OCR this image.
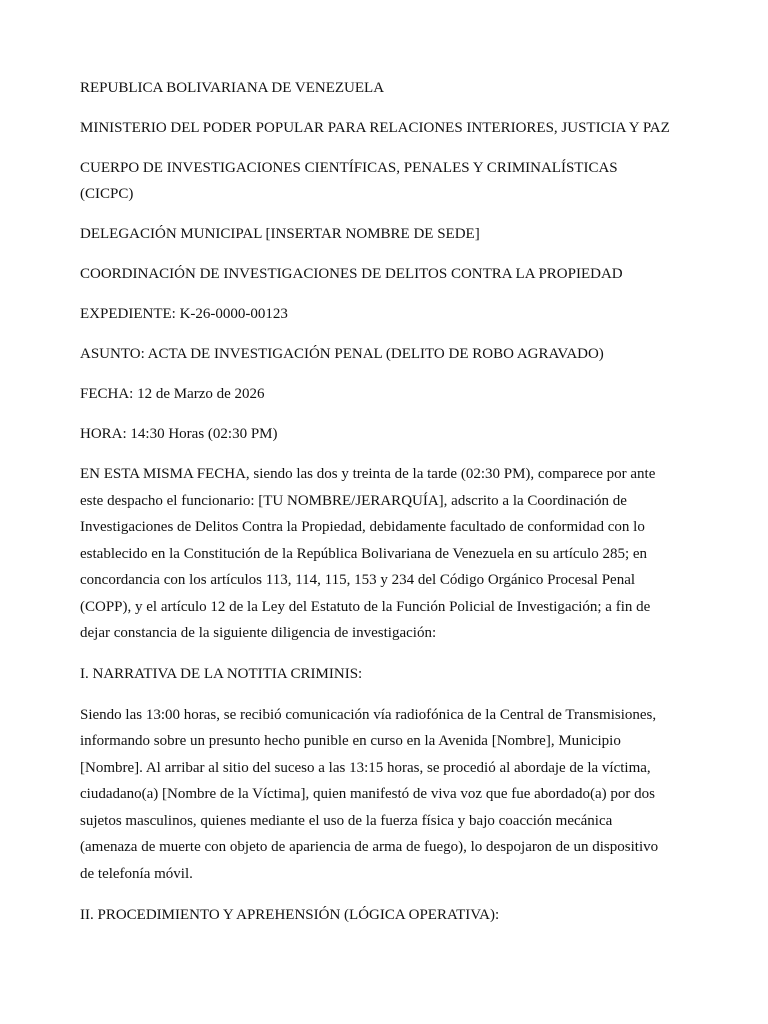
REPUBLICA BOLIVARIANA DE VENEZUELA

MINISTERIO DEL PODER POPULAR PARA RELACIONES INTERIORES, JUSTICIA Y PAZ

CUERPO DE INVESTIGACIONES CIENTÍFICAS, PENALES Y CRIMINALÍSTICAS

(CICPC)

DELEGACIÓN MUNICIPAL [INSERTAR NOMBRE DE SEDE]

COORDINACIÓN DE INVESTIGACIONES DE DELITOS CONTRA LA PROPIEDAD

EXPEDIENTE: K-26-0000-00123

ASUNTO: ACTA DE INVESTIGACIÓN PENAL (DELITO DE ROBO AGRAVADO)

FECHA: 12 de Marzo de 2026

HORA: 14:30 Horas (02:30 PM)

EN ESTA MISMA FECHA, siendo las dos y treinta de la tarde (02:30 PM), comparece por ante
este despacho el funcionario: [TU NOMBRE/JERARQUÍA], adscrito a la Coordinación de
Investigaciones de Delitos Contra la Propiedad, debidamente facultado de conformidad con lo
establecido en la Constitución de la República Bolivariana de Venezuela en su artículo 285; en
concordancia con los artículos 113, 114, 115, 153 y 234 del Código Orgánico Procesal Penal
(COPP), y el artículo 12 de la Ley del Estatuto de la Función Policial de Investigación; a fin de
dejar constancia de la siguiente diligencia de investigación:

I. NARRATIVA DE LA NOTITIA CRIMINIS:

Siendo las 13:00 horas, se recibió comunicación vía radiofónica de la Central de Transmisiones,
informando sobre un presunto hecho punible en curso en la Avenida [Nombre], Municipio
[Nombre]. Al arribar al sitio del suceso a las 13:15 horas, se procedió al abordaje de la víctima,
ciudadano(a) [Nombre de la Víctima], quien manifestó de viva voz que fue abordado(a) por dos
sujetos masculinos, quienes mediante el uso de la fuerza física y bajo coacción mecánica
(amenaza de muerte con objeto de apariencia de arma de fuego), lo despojaron de un dispositivo
de telefonía móvil.

II. PROCEDIMIENTO Y APREHENSIÓN (LÓGICA OPERATIVA):
